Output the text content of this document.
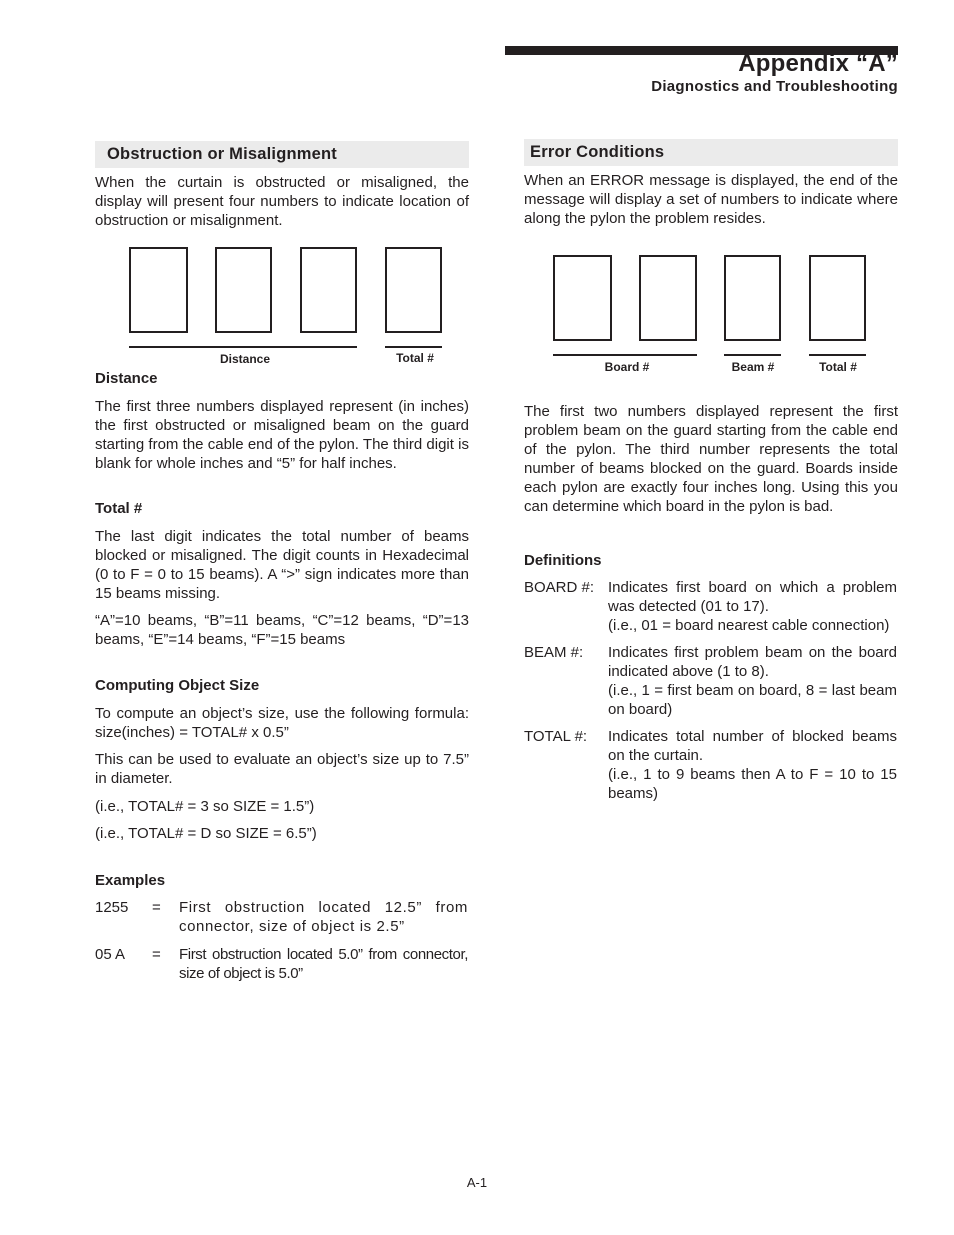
Appendix “A”
Diagnostics and Troubleshooting
Obstruction or Misalignment

When the curtain is obstructed or misaligned, the display will present four numbers to indicate location of obstruction or misalignment.

Distance	Total #

Distance

The first three numbers displayed represent (in inches) the first obstructed or misaligned beam on the guard starting from the cable end of the pylon. The third digit is blank for whole inches and “5” for half inches.

Total #

The last digit indicates the total number of beams blocked or misaligned. The digit counts in Hexadecimal (0 to F = 0 to 15 beams). A “>” sign indicates more than 15 beams missing.

“A”=10 beams, “B”=11 beams, “C”=12 beams, “D”=13 beams, “E”=14 beams, “F”=15 beams

Computing Object Size

To compute an object’s size, use the following formula: size(inches) = TOTAL# x 0.5”

This can be used to evaluate an object’s size up to 7.5” in diameter.

(i.e., TOTAL# = 3 so SIZE = 1.5”)

(i.e., TOTAL# = D so SIZE = 6.5”)

Examples

1255 = First obstruction located 12.5” from connector, size of object is 2.5”
05 A = First obstruction located 5.0” from connector, size of object is 5.0”
Error Conditions

When an ERROR message is displayed, the end of the message will display a set of numbers to indicate where along the pylon the problem resides.

Board #	Beam #	Total #

The first two numbers displayed represent the first problem beam on the guard starting from the cable end of the pylon. The third number represents the total number of beams blocked on the guard. Boards inside each pylon are exactly four inches long. Using this you can determine which board in the pylon is bad.

Definitions

BOARD #: Indicates first board on which a problem was detected (01 to 17).
(i.e., 01 = board nearest cable connection)
BEAM #: Indicates first problem beam on the board indicated above (1 to 8).
(i.e., 1 = first beam on board, 8 = last beam on board)
TOTAL #: Indicates total number of blocked beams on the curtain.
(i.e., 1 to 9 beams then A to F = 10 to 15 beams)
A-1
